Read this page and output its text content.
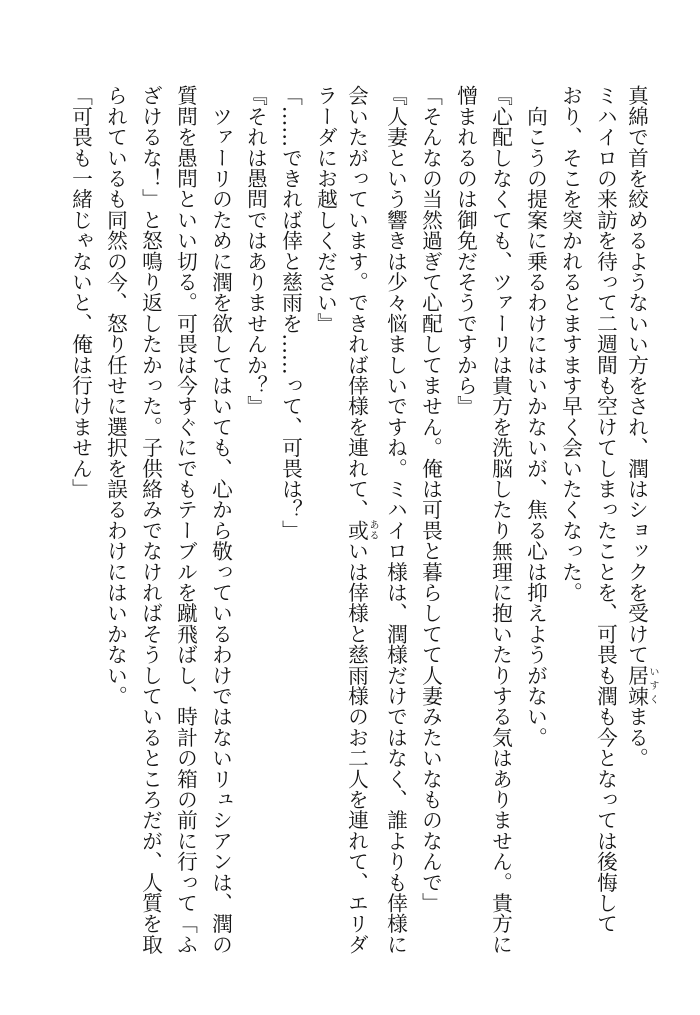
真綿で首を絞めるようないい方をされ、潤はショックを受けて居竦いすくまる。

ミハイロの来訪を待って二週間も空けてしまったことを、可畏も潤も今となっては後悔して

おり、そこを突かれるとますます早く会いたくなった。

　向こうの提案に乗るわけにはいかないが、焦る心は抑えようがない。

『心配しなくても、ツァーリは貴方を洗脳したり無理に抱いたりする気はありません。貴方に

憎まれるのは御免だそうですから』

「そんなの当然過ぎて心配してません。俺は可畏と暮らしてて人妻みたいなものなんで」

『人妻という響きは少々悩ましいですね。ミハイロ様は、潤様だけではなく、誰よりも倖様に

会いたがっています。できれば倖様を連れて、或あるいは倖様と慈雨様のお二人を連れて、エリダ

ラーダにお越しください』

「……できれば倖と慈雨を……って、可畏は？」

『それは愚問ではありませんか？』

　ツァーリのために潤を欲してはいても、心から敬っているわけではないリュシアンは、潤の

質問を愚問といい切る。可畏は今すぐにでもテーブルを蹴飛ばし、時計の箱の前に行って「ふ

ざけるな！」と怒鳴り返したかった。子供絡みでなければそうしているところだが、人質を取

られているも同然の今、怒り任せに選択を誤るわけにはいかない。

「可畏も一緒じゃないと、俺は行けません」
